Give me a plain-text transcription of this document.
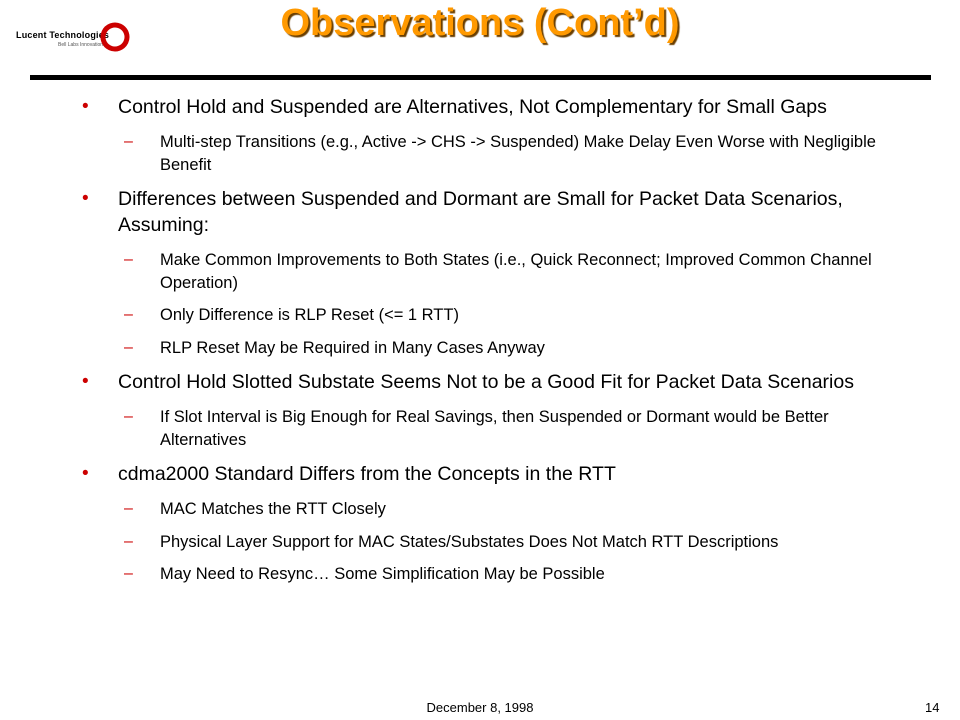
Lucent Technologies
Bell Labs Innovations
Observations (Cont’d)
• Control Hold and Suspended are Alternatives, Not Complementary for Small Gaps
– Multi-step Transitions (e.g., Active -> CHS -> Suspended) Make Delay Even Worse with Negligible Benefit
• Differences between Suspended and Dormant are Small for Packet Data Scenarios, Assuming:
– Make Common Improvements to Both States (i.e., Quick Reconnect; Improved Common Channel Operation)
– Only Difference is RLP Reset (<= 1 RTT)
– RLP Reset May be Required in Many Cases Anyway
• Control Hold Slotted Substate Seems Not to be a Good Fit for Packet Data Scenarios
– If Slot Interval is Big Enough for Real Savings, then Suspended or Dormant would be Better Alternatives
• cdma2000 Standard Differs from the Concepts in the RTT
– MAC Matches the RTT Closely
– Physical Layer Support for MAC States/Substates Does Not Match RTT Descriptions
– May Need to Resync… Some Simplification May be Possible
December 8, 1998	14
